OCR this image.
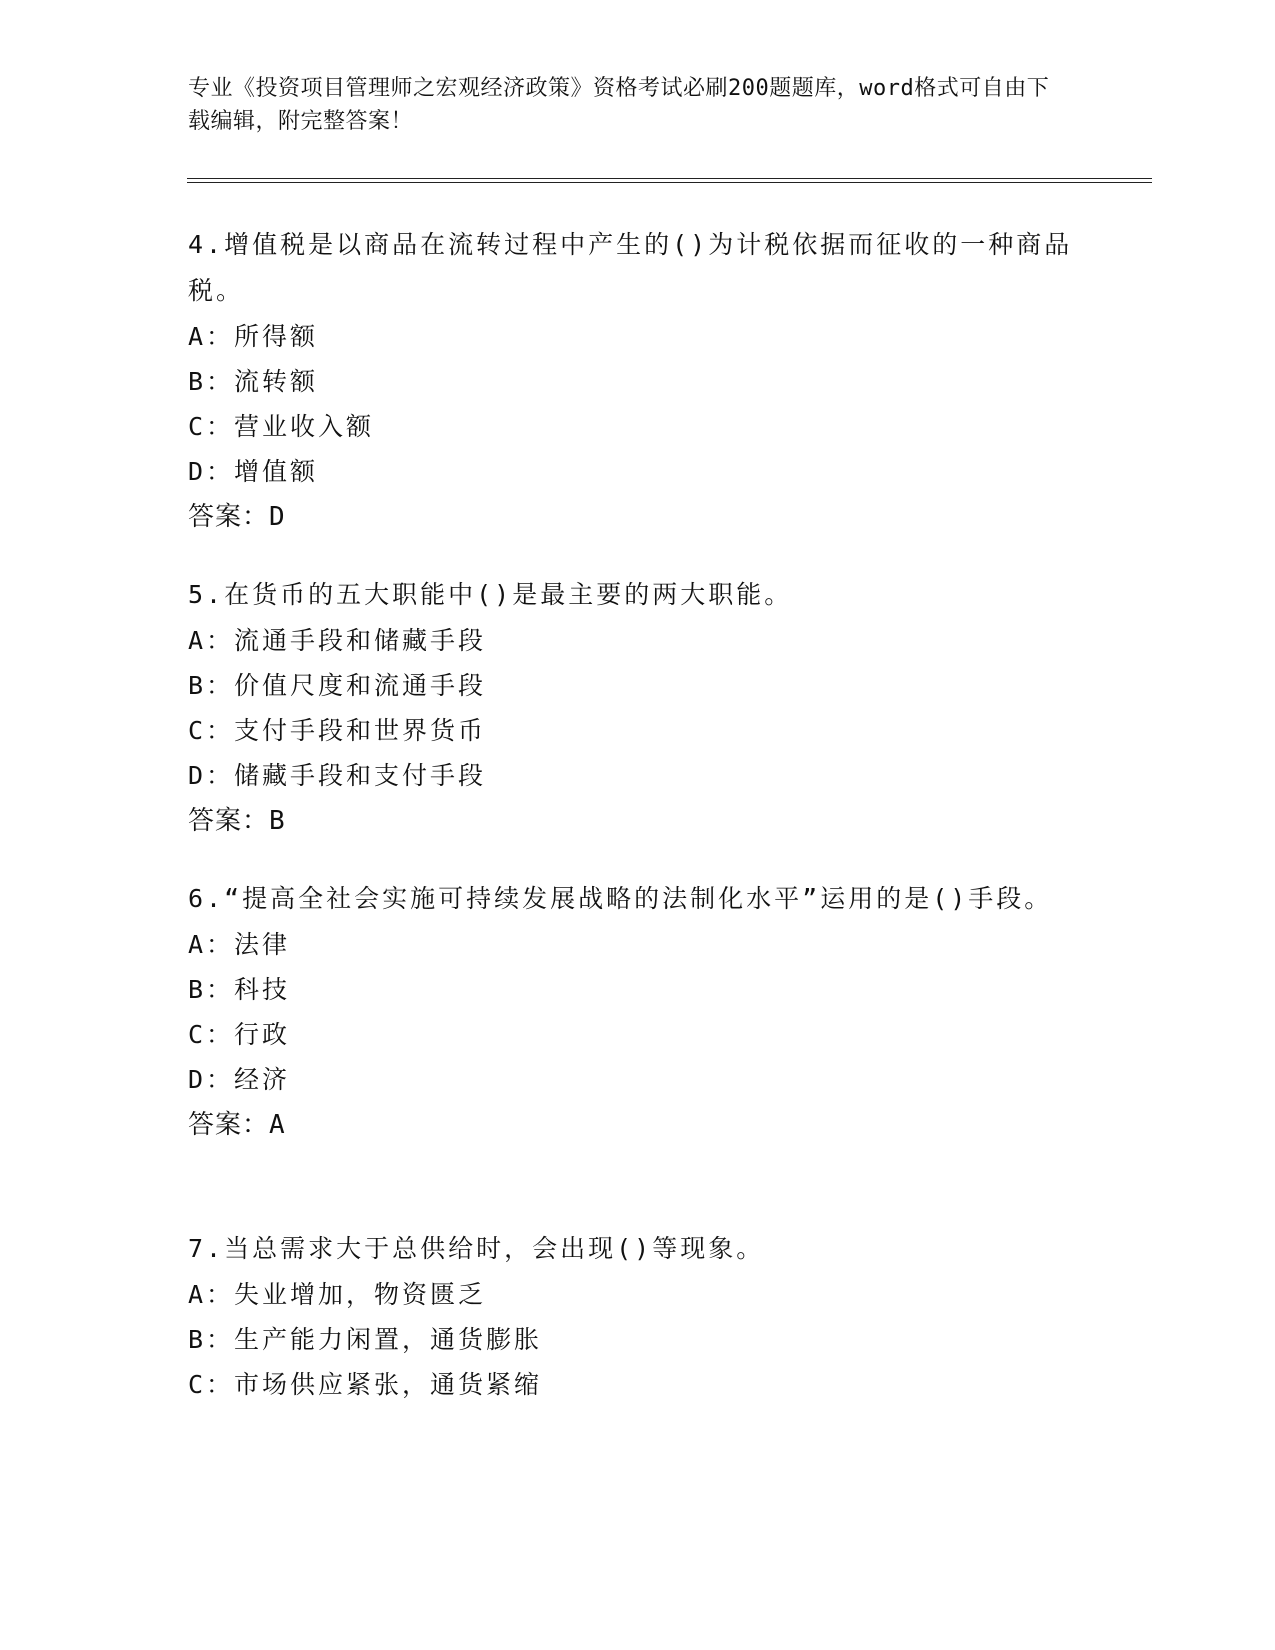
专业《投资项目管理师之宏观经济政策》资格考试必刷200题题库，word格式可自由下载编辑，附完整答案！

4.增值税是以商品在流转过程中产生的()为计税依据而征收的一种商品税。

A：所得额

B：流转额

C：营业收入额

D：增值额

答案：D

5.在货币的五大职能中()是最主要的两大职能。

A：流通手段和储藏手段

B：价值尺度和流通手段

C：支付手段和世界货币

D：储藏手段和支付手段

答案：B

6.“提高全社会实施可持续发展战略的法制化水平”运用的是()手段。

A：法律

B：科技

C：行政

D：经济

答案：A

7.当总需求大于总供给时，会出现()等现象。

A：失业增加，物资匮乏

B：生产能力闲置，通货膨胀

C：市场供应紧张，通货紧缩
